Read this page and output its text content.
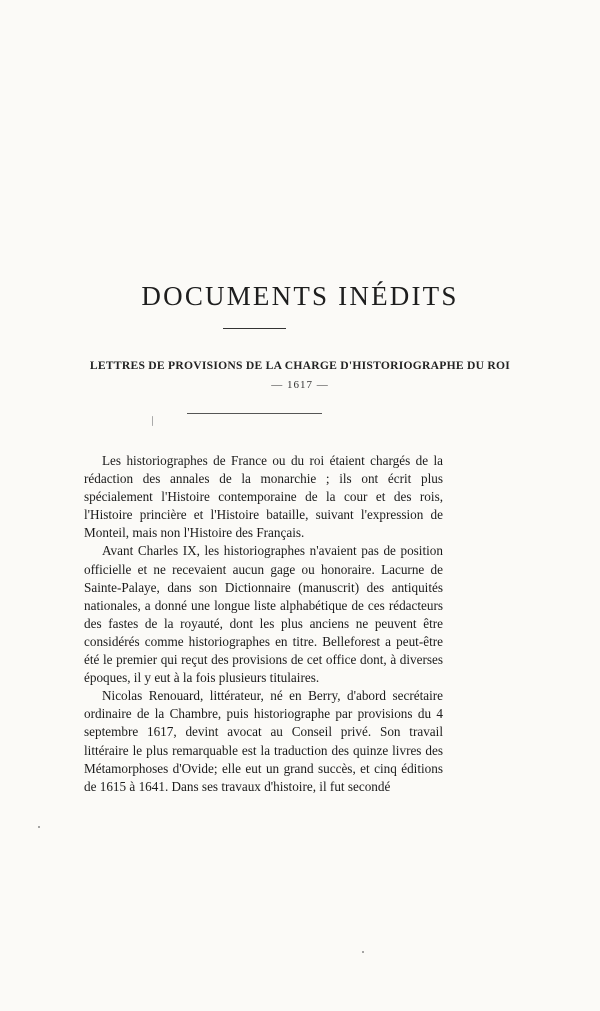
DOCUMENTS INÉDITS
LETTRES DE PROVISIONS DE LA CHARGE D'HISTORIOGRAPHE DU ROI
— 1617 —

Les historiographes de France ou du roi étaient chargés de la rédaction des annales de la monarchie ; ils ont écrit plus spécialement l'Histoire contemporaine de la cour et des rois, l'Histoire princière et l'Histoire bataille, suivant l'expression de Monteil, mais non l'Histoire des Français.

Avant Charles IX, les historiographes n'avaient pas de position officielle et ne recevaient aucun gage ou honoraire. Lacurne de Sainte-Palaye, dans son Dictionnaire (manuscrit) des antiquités nationales, a donné une longue liste alphabétique de ces rédacteurs des fastes de la royauté, dont les plus anciens ne peuvent être considérés comme historiographes en titre. Belleforest a peut-être été le premier qui reçut des provisions de cet office dont, à diverses époques, il y eut à la fois plusieurs titulaires.

Nicolas Renouard, littérateur, né en Berry, d'abord secrétaire ordinaire de la Chambre, puis historiographe par provisions du 4 septembre 1617, devint avocat au Conseil privé. Son travail littéraire le plus remarquable est la traduction des quinze livres des Métamorphoses d'Ovide; elle eut un grand succès, et cinq éditions de 1615 à 1641. Dans ses travaux d'histoire, il fut secondé
